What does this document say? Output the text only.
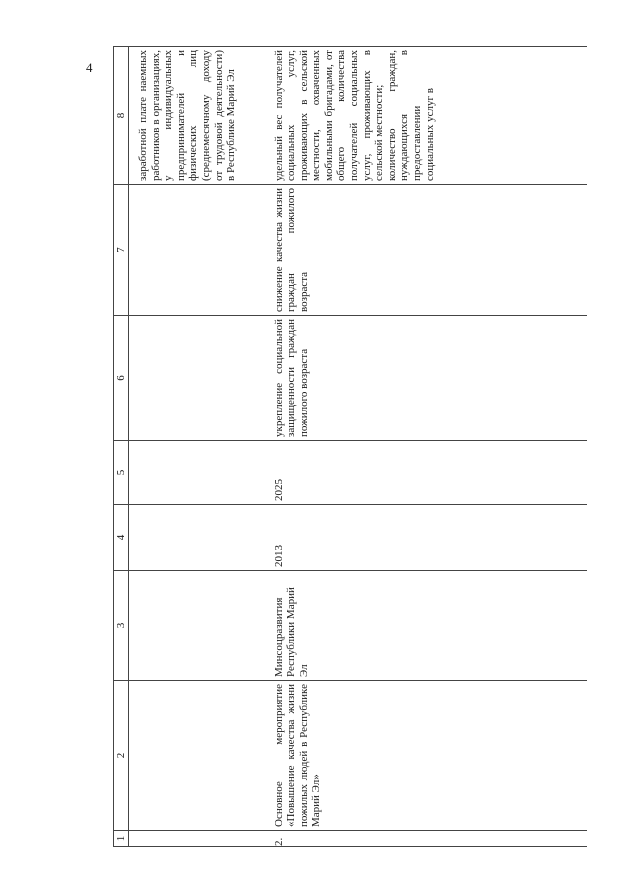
4
1	2	3	4	5	6	7	8
							заработной плате наемных работников в организациях, у индивидуальных предпринимателей и физических лиц (среднемесячному доходу от трудовой деятельности) в Республике Марий Эл
2.	Основное мероприятие «Повышение качества жизни пожилых людей в Республике Марий Эл»	Минсоцразвития Республики Марий Эл	2013	2025	укрепление социальной защищенности граждан пожилого возраста	снижение качества жизни граждан пожилого возраста	удельный вес получателей социальных услуг, проживающих в сельской местности, охваченных мобильными бригадами, от общего количества получателей социальных услуг, проживающих в сельской местности; количество граждан, нуждающихся в предоставлении социальных услуг в
